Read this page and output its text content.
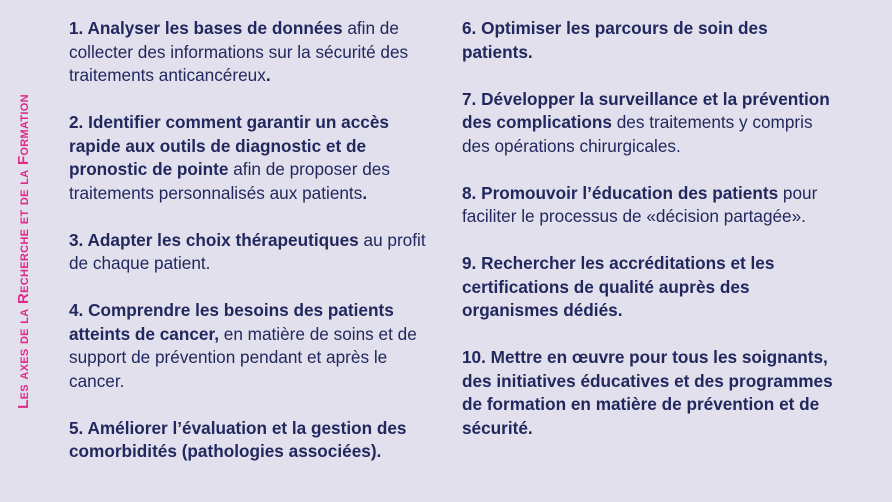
Les axes de la Recherche et de la Formation

1. Analyser les bases de données afin de collecter des informations sur la sécurité des traitements anticancéreux.

2. Identifier comment garantir un accès rapide aux outils de diagnostic et de pronostic de pointe afin de proposer des traitements personnalisés aux patients.

3. Adapter les choix thérapeutiques au profit de chaque patient.

4. Comprendre les besoins des patients atteints de cancer, en matière de soins et de support de prévention pendant et après le cancer.

5. Améliorer l’évaluation et la gestion des comorbidités (pathologies associées).

6. Optimiser les parcours de soin des patients.

7. Développer la surveillance et la prévention des complications des traitements y compris des opérations chirurgicales.

8. Promouvoir l’éducation des patients pour faciliter le processus de «décision partagée».

9. Rechercher les accréditations et les certifications de qualité auprès des organismes dédiés.

10. Mettre en œuvre pour tous les soignants, des initiatives éducatives et des programmes de formation en matière de prévention et de sécurité.
